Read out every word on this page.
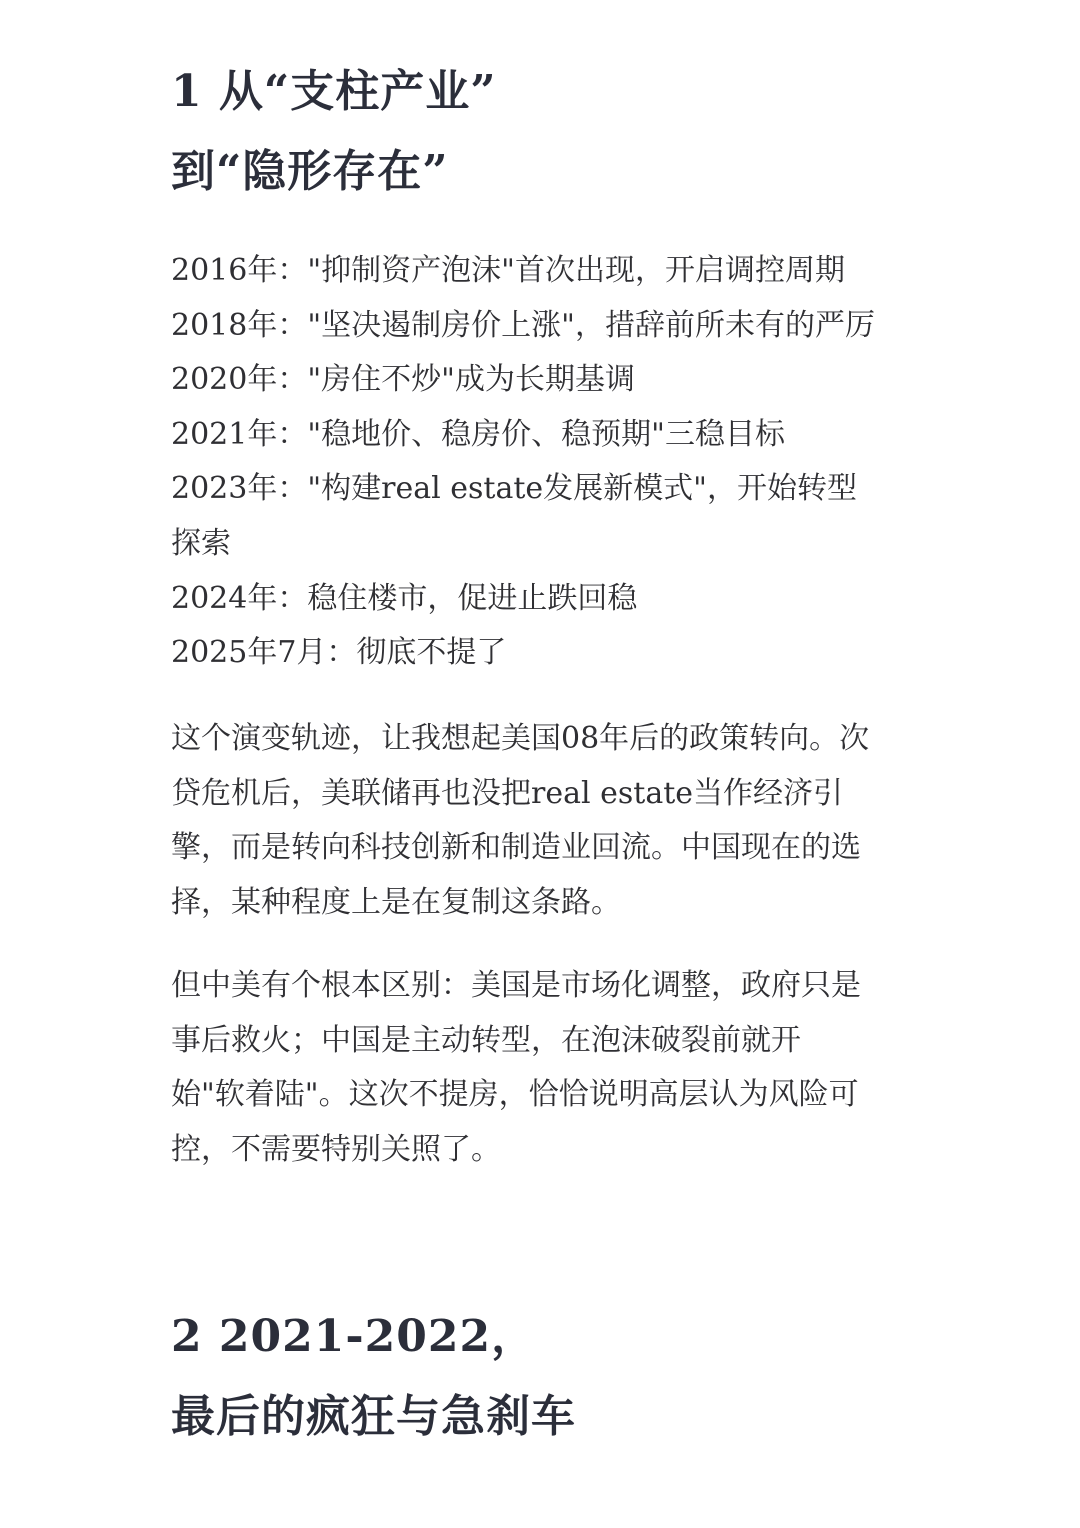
1 从“支柱产业”
到“隐形存在”
2016年："抑制资产泡沫"首次出现，开启调控周期
2018年："坚决遏制房价上涨"，措辞前所未有的严厉
2020年："房住不炒"成为长期基调
2021年："稳地价、稳房价、稳预期"三稳目标
2023年："构建real estate发展新模式"，开始转型
探索
2024年：稳住楼市，促进止跌回稳
2025年7月：彻底不提了

这个演变轨迹，让我想起美国08年后的政策转向。次
贷危机后，美联储再也没把real estate当作经济引
擎，而是转向科技创新和制造业回流。中国现在的选
择，某种程度上是在复制这条路。

但中美有个根本区别：美国是市场化调整，政府只是
事后救火；中国是主动转型，在泡沫破裂前就开
始"软着陆"。这次不提房，恰恰说明高层认为风险可
控，不需要特别关照了。

2 2021-2022，
最后的疯狂与急刹车
